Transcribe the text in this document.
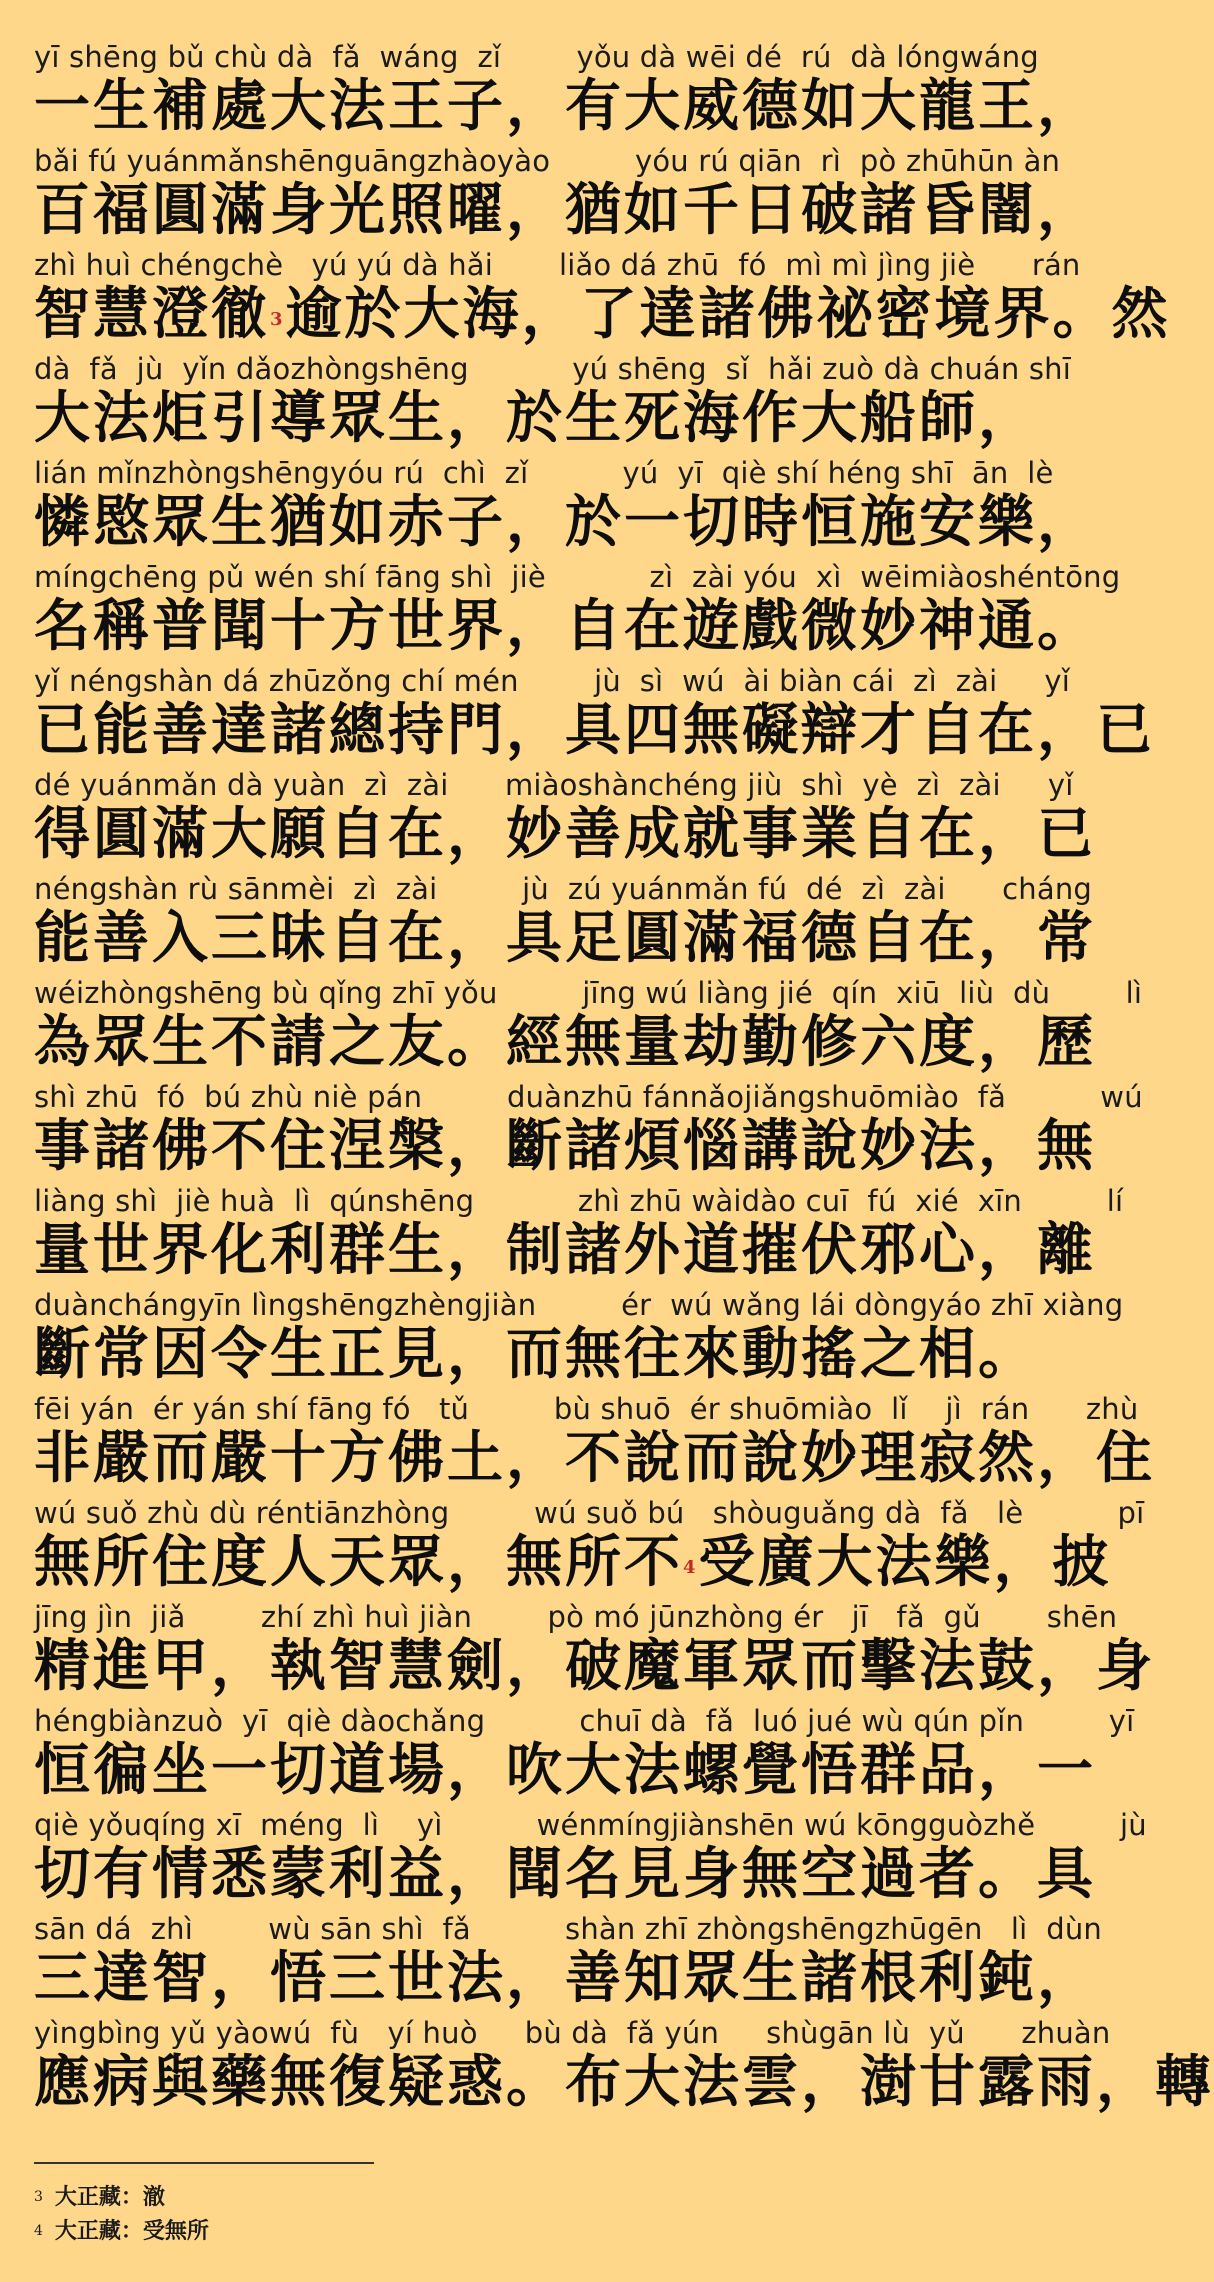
yī shēng bǔ chù dà  fǎ  wáng  zǐ        yǒu dà wēi dé  rú  dà lóngwáng
一生補處大法王子，有大威德如大龍王，
bǎi fú yuánmǎnshēnguāngzhàoyào         yóu rú qiān  rì  pò zhūhūn àn
百福圓滿身光照曜，猶如千日破諸昏闇，
zhì huì chéngchè   yú yú dà hǎi       liǎo dá zhū  fó  mì mì jìng jiè      rán
智慧澄徹$^3$逾於大海，了達諸佛祕密境界。然
dà  fǎ  jù  yǐn dǎozhòngshēng           yú shēng  sǐ  hǎi zuò dà chuán shī
大法炬引導眾生，於生死海作大船師，
lián mǐnzhòngshēngyóu rú  chì  zǐ          yú  yī  qiè shí héng shī  ān  lè
憐愍眾生猶如赤子，於一切時恒施安樂，
míngchēng pǔ wén shí fāng shì  jiè           zì  zài yóu  xì  wēimiàoshéntōng
名稱普聞十方世界，自在遊戲微妙神通。
yǐ néngshàn dá zhūzǒng chí mén        jù  sì  wú  ài biàn cái  zì  zài     yǐ
已能善達諸總持門，具四無礙辯才自在，已
dé yuánmǎn dà yuàn  zì  zài      miàoshànchéng jiù  shì  yè  zì  zài     yǐ
得圓滿大願自在，妙善成就事業自在，已
néngshàn rù sānmèi  zì  zài         jù  zú yuánmǎn fú  dé  zì  zài      cháng
能善入三昧自在，具足圓滿福德自在，常
wéizhòngshēng bù qǐng zhī yǒu         jīng wú liàng jié  qín  xiū  liù  dù        lì
為眾生不請之友。經無量劫勤修六度，歷
shì zhū  fó  bú zhù niè pán         duànzhū fánnǎojiǎngshuōmiào  fǎ          wú
事諸佛不住涅槃，斷諸煩惱講說妙法，無
liàng shì  jiè huà  lì  qúnshēng           zhì zhū wàidào cuī  fú  xié  xīn         lí
量世界化利群生，制諸外道摧伏邪心，離
duànchángyīn lìngshēngzhèngjiàn         ér  wú wǎng lái dòngyáo zhī xiàng
斷常因令生正見，而無往來動搖之相。
fēi yán  ér yán shí fāng fó   tǔ         bù shuō  ér shuōmiào  lǐ    jì  rán      zhù
非嚴而嚴十方佛土，不說而說妙理寂然，住
wú suǒ zhù dù réntiānzhòng         wú suǒ bú   shòuguǎng dà  fǎ   lè          pī
無所住度人天眾，無所不$^4$受廣大法樂，披
jīng jìn  jiǎ        zhí zhì huì jiàn        pò mó jūnzhòng ér   jī   fǎ  gǔ       shēn
精進甲，執智慧劍，破魔軍眾而擊法鼓，身
héngbiànzuò  yī  qiè dàochǎng          chuī dà  fǎ  luó jué wù qún pǐn         yī
恒徧坐一切道場，吹大法螺覺悟群品，一
qiè yǒuqíng xī  méng  lì    yì          wénmíngjiànshēn wú kōngguòzhě         jù
切有情悉蒙利益，聞名見身無空過者。具
sān dá  zhì        wù sān shì  fǎ          shàn zhī zhòngshēngzhūgēn   lì  dùn
三達智，悟三世法，善知眾生諸根利鈍，
yìngbìng yǔ yàowú  fù   yí huò     bù dà  fǎ yún     shùgān lù  yǔ      zhuàn
應病與藥無復疑惑。布大法雲，澍甘露雨，轉
$^3$ 大正藏：澈
$^4$ 大正藏：受無所
